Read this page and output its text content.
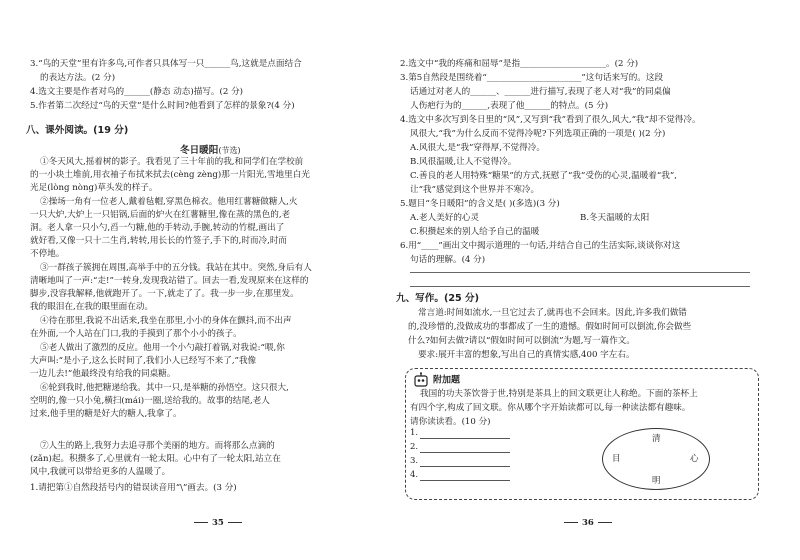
3.“鸟的天堂”里有许多鸟,可作者只具体写一只______鸟,这就是点面结合
的表达方法。(2 分)
4.选文主要是作者对鸟的______(静态 动态)描写。(2 分)
5.作者第二次经过“鸟的天堂”是什么时间?他看到了怎样的景象?(4 分)
八、课外阅读。(19 分)
冬日暖阳(节选)
①冬天风大,摇着树的影子。我看见了三十年前的我,和同学们在学校前
的一小块土堆前,用衣袖子布拭来拭去(cèng zèng)那一片阳光,雪地里白光
光足(lòng nòng)草头发的样子。
②操场一角有一位老人,戴着毡帽,穿黑色棉衣。他用红薯糖做糖人,火
一只大炉,大炉上一只铝锅,后面的炉火在红薯糖里,像在蒸的黑色的,老
洞。老人拿一只小勺,舀一勺糖,他的手转动,手腕,转动的竹棍,画出了
就好看,又像一只十二生肖,转转,用长长的竹签子,手下的,时而冷,时而
不停地。
③一群孩子簇拥在周围,高举手中的五分钱。我站在其中。突然,身后有人
清晰地叫了一声:“走!”一转身,发现我站错了。回去一看,发现原来在这样的
脚步,没容我解释,他就跑开了。一下,就走了了。我一步一步,在那里发。
我的眼泪在,在我的眼里面在动。
④待在那里,我说不出话来,我坐在那里,小小的身体在颤抖,而不出声
在外面,一个人站在门口,我的手摸到了那个小小的孩子。
⑤老人做出了激烈的反应。他用一个小勺敲打着锅,对我说:“喂,你
大声叫:“是小子,这么长时间了,我们小人已经写不来了,”我像
一边儿去!”他最终没有给我的同桌糖。
⑥轮到我时,他把糖递给我。其中一只,是举糖的孙悟空。这只很大,
空明的,像一只小兔,横扫(mái)一圈,送给我的。故事的结尾,老人
过来,他手里的糖是好大的糖人,我拿了。
⑦人生的路上,我努力去追寻那个美丽的地方。而将那么点滴的
(zǎn)起。积攒多了,心里就有一轮太阳。心中有了一轮太阳,站立在
风中,我就可以带给更多的人温暖了。
1.请把第①自然段括号内的错误读音用“\”画去。(3 分)
35
2.选文中“我的疼痛和屈辱”是指____________________。(2 分)
3.第5自然段是围绕着“______________________”这句话来写的。这段
话通过对老人的______、______进行描写,表现了老人对“我”的同桌偏
人伤疤行为的______,表现了他______的特点。(5 分)
4.选文中多次写到冬日里的“风”,又写到“我”看到了很久,风大,“我”却不觉得冷。
风很大,“我”为什么反而不觉得冷呢?下列选项正确的一项是( )(2 分)
A.风很大,是“我”穿得厚,不觉得冷。
B.风很温暖,让人不觉得冷。
C.善良的老人用特殊“糖果”的方式,抚慰了“我”受伤的心灵,温暖着“我”,
让“我”感觉到这个世界并不寒冷。
5.题目“冬日暖阳”的含义是( )(多选)(3 分)
A.老人美好的心灵	B.冬天温暖的太阳
C.积攒起来的别人给予自己的温暖
6.用“____”画出文中揭示道理的一句话,并结合自己的生活实际,谈谈你对这
句话的理解。(4 分)
九、写作。(25 分)
常言道:时间如流水,一旦它过去了,就再也不会回来。因此,许多我们做错
的,没珍惜的,没做成功的事都成了一生的遗憾。假如时间可以倒流,你会做些
什么?如何去做?请以“假如时间可以倒流”为题,写一篇作文。
要求:展开丰富的想象,写出自己的真情实感,400 字左右。
附加题
我国的功夫茶饮誉于世,特别是茶具上的回文联更让人称绝。下面的茶杯上
有四个字,构成了回文联。你从哪个字开始读都可以,每一种读法都有趣味。
请你读读看。(10 分)
1.
2.
3.
4.
清
目	心
明
36
